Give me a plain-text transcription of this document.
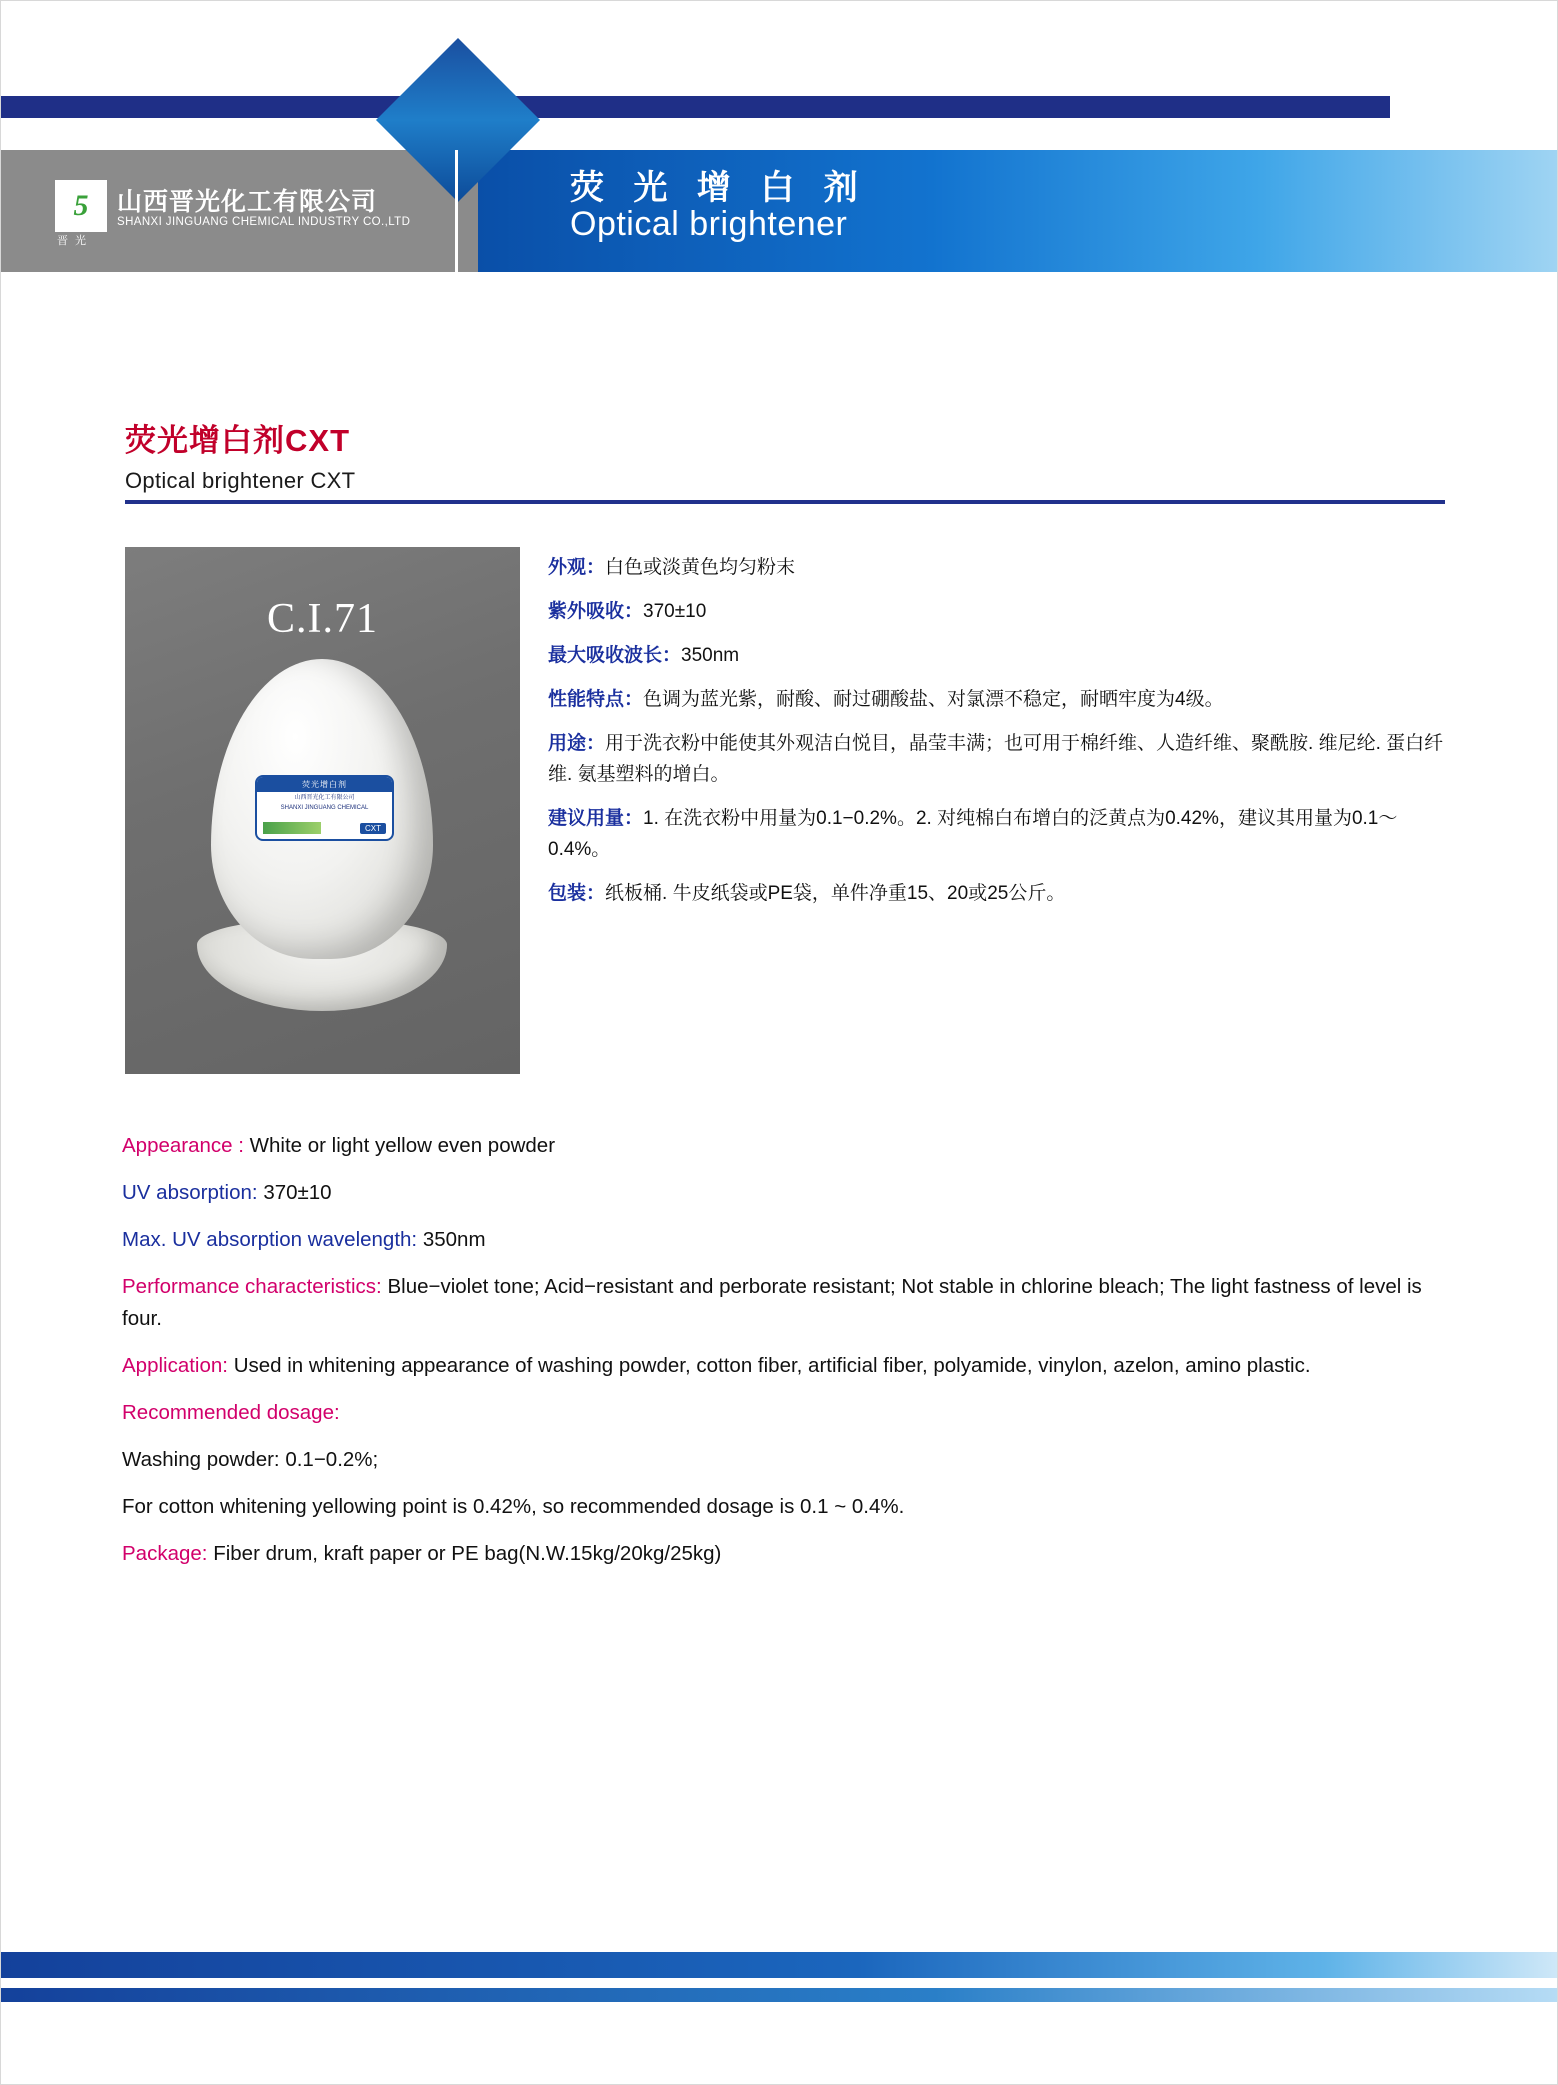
5
晋 光
山西晋光化工有限公司
SHANXI JINGUANG CHEMICAL INDUSTRY CO.,LTD
荧 光 增 白 剂
Optical brightener
荧光增白剂CXT
Optical brightener CXT
C.I.71
荧光增白剂
山西晋光化工有限公司
SHANXI JINGUANG CHEMICAL
CXT
外观：白色或淡黄色均匀粉末
紫外吸收：370±10
最大吸收波长：350nm
性能特点：色调为蓝光紫，耐酸、耐过硼酸盐、对氯漂不稳定，耐晒牢度为4级。
用途：用于洗衣粉中能使其外观洁白悦目，晶莹丰满；也可用于棉纤维、人造纤维、聚酰胺. 维尼纶. 蛋白纤维. 氨基塑料的增白。
建议用量：1. 在洗衣粉中用量为0.1−0.2%。2. 对纯棉白布增白的泛黄点为0.42%，建议其用量为0.1～0.4%。
包装：纸板桶. 牛皮纸袋或PE袋，单件净重15、20或25公斤。
Appearance : White or light yellow even powder
UV absorption: 370±10
Max. UV absorption wavelength: 350nm
Performance characteristics: Blue−violet tone; Acid−resistant and perborate resistant; Not stable in chlorine bleach; The light fastness of level is four.
Application: Used in whitening appearance of washing powder, cotton fiber, artificial fiber, polyamide, vinylon, azelon, amino plastic.
Recommended dosage:
Washing powder: 0.1−0.2%;
For cotton whitening yellowing point is 0.42%, so recommended dosage is 0.1 ~ 0.4%.
Package: Fiber drum, kraft paper or PE bag(N.W.15kg/20kg/25kg)
